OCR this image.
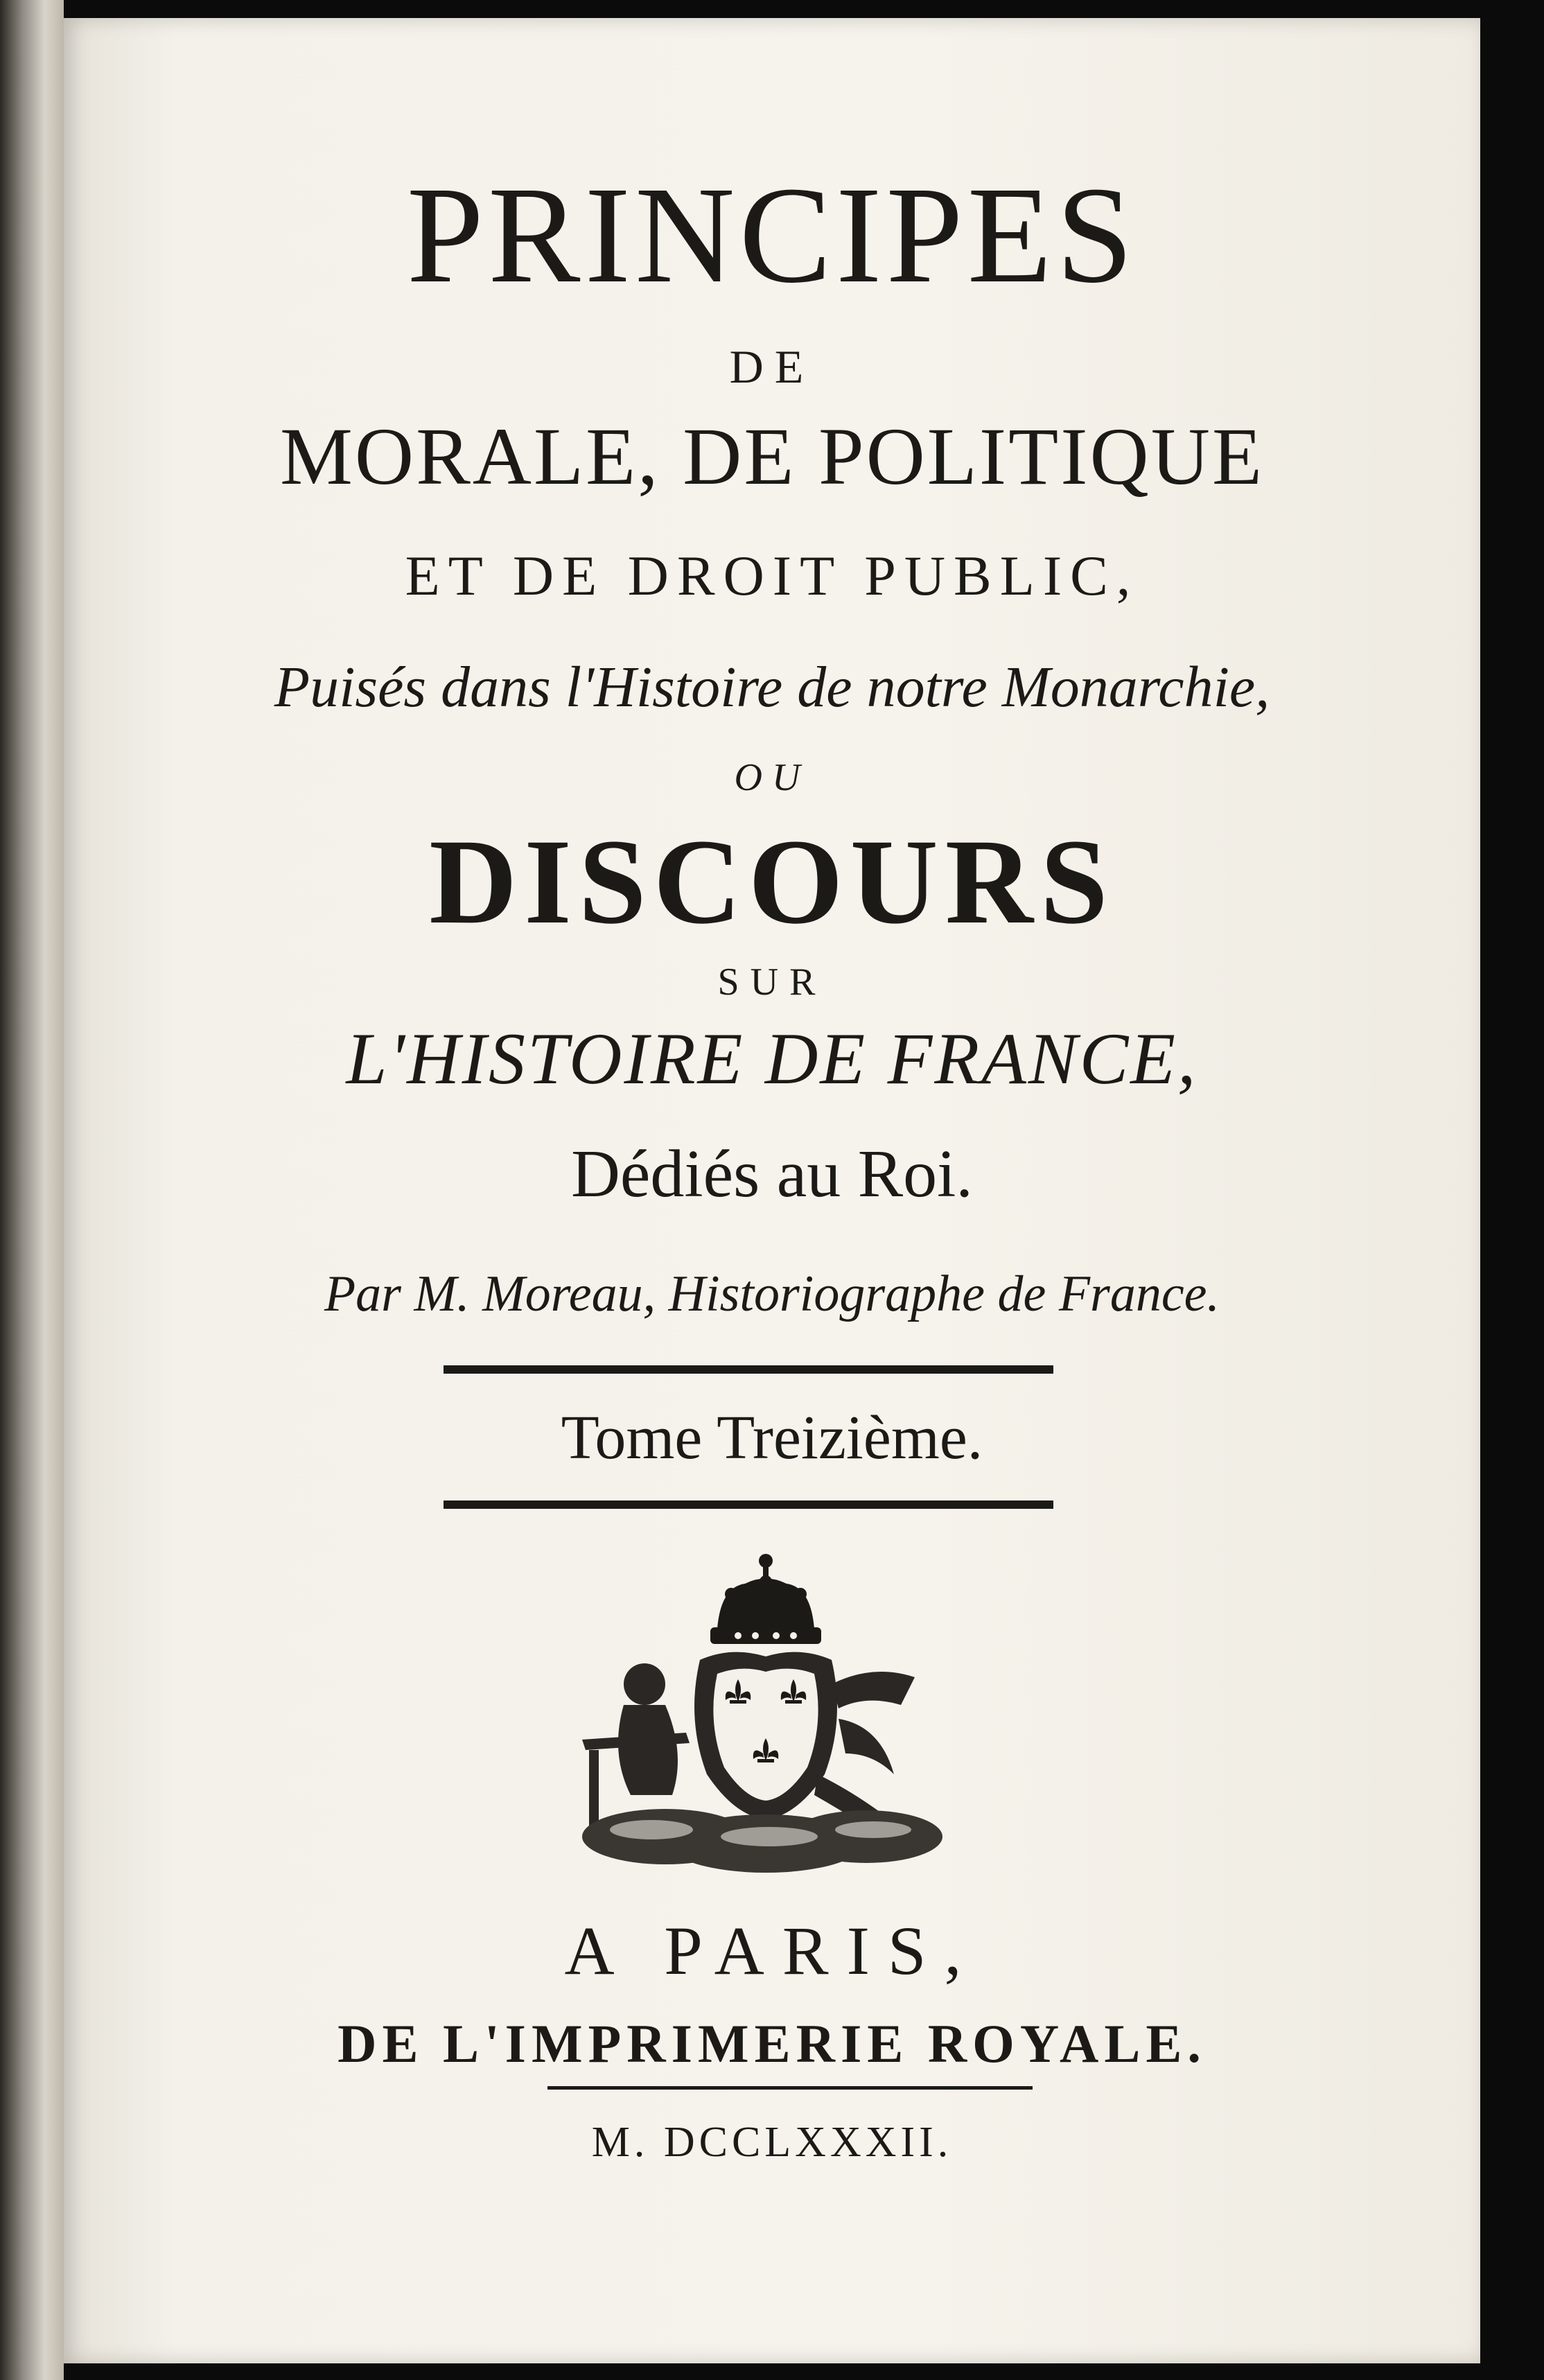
PRINCIPES

DE

MORALE, DE POLITIQUE

ET DE DROIT PUBLIC,

Puisés dans l'Histoire de notre Monarchie,

OU

DISCOURS

SUR

L'HISTOIRE DE FRANCE,

Dédiés au Roi.

Par M. Moreau, Historiographe de France.

Tome Treizième.

A PARIS,

DE L'IMPRIMERIE ROYALE.

M. DCCLXXXII.
